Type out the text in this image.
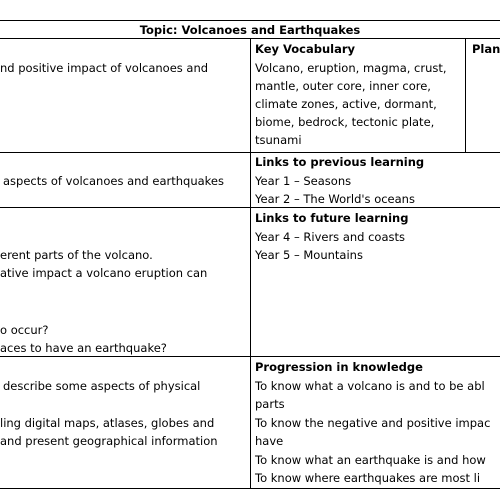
Topic: Volcanoes and Earthquakes
nd positive impact of volcanoes and
aspects of volcanoes and earthquakes
erent parts of the volcano.
ative impact a volcano eruption can
o occur?
aces to have an earthquake?
describe some aspects of physical
ling digital maps, atlases, globes and
and present geographical information
Key Vocabulary
Volcano, eruption, magma, crust,
mantle, outer core, inner core,
climate zones, active, dormant,
biome, bedrock, tectonic plate,
tsunami
Plan
Links to previous learning
Year 1 – Seasons
Year 2 – The World's oceans
Links to future learning
Year 4 – Rivers and coasts
Year 5 – Mountains
Progression in knowledge
To know what a volcano is and to be abl
parts
To know the negative and positive impac
have
To know what an earthquake is and how
To know where earthquakes are most li
